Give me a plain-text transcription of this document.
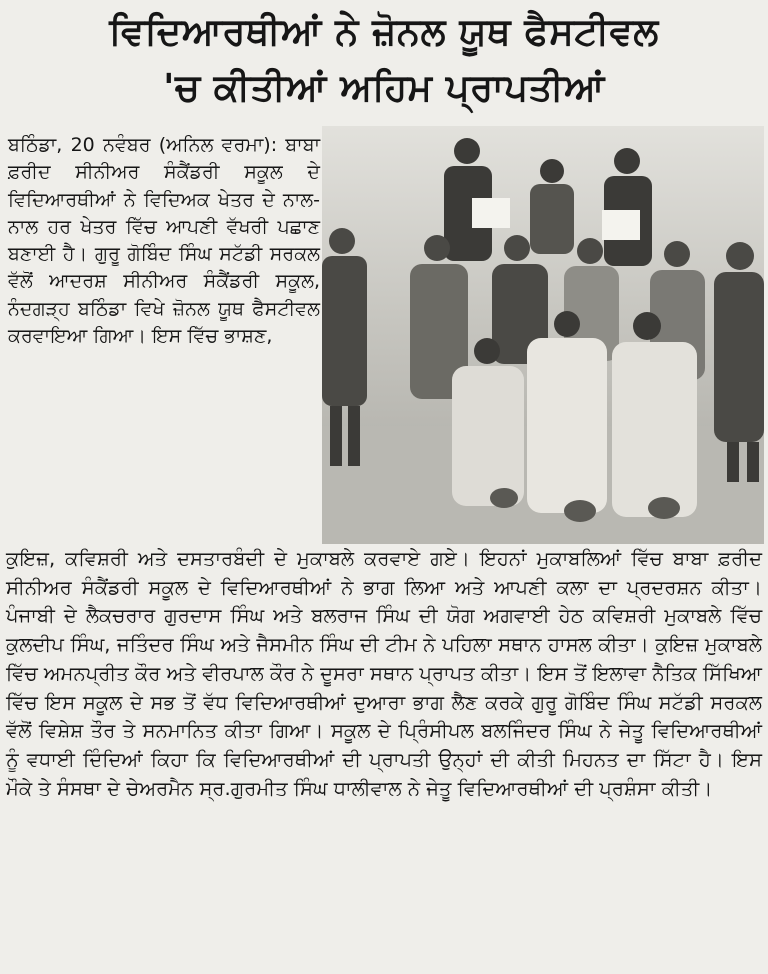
ਵਿਦਿਆਰਥੀਆਂ ਨੇ ਜ਼ੋਨਲ ਯੂਥ ਫੈਸਟੀਵਲ
'ਚ ਕੀਤੀਆਂ ਅਹਿਮ ਪ੍ਰਾਪਤੀਆਂ

ਬਠਿੰਡਾ, 20 ਨਵੰਬਰ (ਅਨਿਲ ਵਰਮਾ): ਬਾਬਾ ਫ਼ਰੀਦ ਸੀਨੀਅਰ ਸੰਕੈਂਡਰੀ ਸਕੂਲ ਦੇ ਵਿਦਿਆਰਥੀਆਂ ਨੇ ਵਿਦਿਅਕ ਖੇਤਰ ਦੇ ਨਾਲ-ਨਾਲ ਹਰ ਖੇਤਰ ਵਿੱਚ ਆਪਣੀ ਵੱਖਰੀ ਪਛਾਣ ਬਣਾਈ ਹੈ। ਗੁਰੂ ਗੋਬਿੰਦ ਸਿੰਘ ਸਟੱਡੀ ਸਰਕਲ ਵੱਲੋਂ ਆਦਰਸ਼ ਸੀਨੀਅਰ ਸੰਕੈਂਡਰੀ ਸਕੂਲ, ਨੰਦਗੜ੍ਹ ਬਠਿੰਡਾ ਵਿਖੇ ਜ਼ੋਨਲ ਯੂਥ ਫੈਸਟੀਵਲ ਕਰਵਾਇਆ ਗਿਆ। ਇਸ ਵਿੱਚ ਭਾਸ਼ਣ,

ਕੁਇਜ਼, ਕਵਿਸ਼ਰੀ ਅਤੇ ਦਸਤਾਰਬੰਦੀ ਦੇ ਮੁਕਾਬਲੇ ਕਰਵਾਏ ਗਏ। ਇਹਨਾਂ ਮੁਕਾਬਲਿਆਂ ਵਿੱਚ ਬਾਬਾ ਫ਼ਰੀਦ ਸੀਨੀਅਰ ਸੰਕੈਂਡਰੀ ਸਕੂਲ ਦੇ ਵਿਦਿਆਰਥੀਆਂ ਨੇ ਭਾਗ ਲਿਆ ਅਤੇ ਆਪਣੀ ਕਲਾ ਦਾ ਪ੍ਰਦਰਸ਼ਨ ਕੀਤਾ। ਪੰਜਾਬੀ ਦੇ ਲੈਕਚਰਾਰ ਗੁਰਦਾਸ ਸਿੰਘ ਅਤੇ ਬਲਰਾਜ ਸਿੰਘ ਦੀ ਯੋਗ ਅਗਵਾਈ ਹੇਠ ਕਵਿਸ਼ਰੀ ਮੁਕਾਬਲੇ ਵਿੱਚ ਕੁਲਦੀਪ ਸਿੰਘ, ਜਤਿੰਦਰ ਸਿੰਘ ਅਤੇ ਜੈਸਮੀਨ ਸਿੰਘ ਦੀ ਟੀਮ ਨੇ ਪਹਿਲਾ ਸਥਾਨ ਹਾਸਲ ਕੀਤਾ। ਕੁਇਜ਼ ਮੁਕਾਬਲੇ ਵਿੱਚ ਅਮਨਪ੍ਰੀਤ ਕੌਰ ਅਤੇ ਵੀਰਪਾਲ ਕੌਰ ਨੇ ਦੂਸਰਾ ਸਥਾਨ ਪ੍ਰਾਪਤ ਕੀਤਾ। ਇਸ ਤੋਂ ਇਲਾਵਾ ਨੈਤਿਕ ਸਿੱਖਿਆ ਵਿੱਚ ਇਸ ਸਕੂਲ ਦੇ ਸਭ ਤੋਂ ਵੱਧ ਵਿਦਿਆਰਥੀਆਂ ਦੁਆਰਾ ਭਾਗ ਲੈਣ ਕਰਕੇ ਗੁਰੂ ਗੋਬਿੰਦ ਸਿੰਘ ਸਟੱਡੀ ਸਰਕਲ ਵੱਲੋਂ ਵਿਸ਼ੇਸ਼ ਤੌਰ ਤੇ ਸਨਮਾਨਿਤ ਕੀਤਾ ਗਿਆ। ਸਕੂਲ ਦੇ ਪ੍ਰਿੰਸੀਪਲ ਬਲਜਿੰਦਰ ਸਿੰਘ ਨੇ ਜੇਤੂ ਵਿਦਿਆਰਥੀਆਂ ਨੂੰ ਵਧਾਈ ਦਿੰਦਿਆਂ ਕਿਹਾ ਕਿ ਵਿਦਿਆਰਥੀਆਂ ਦੀ ਪ੍ਰਾਪਤੀ ਉਨ੍ਹਾਂ ਦੀ ਕੀਤੀ ਮਿਹਨਤ ਦਾ ਸਿੱਟਾ ਹੈ। ਇਸ ਮੌਕੇ ਤੇ ਸੰਸਥਾ ਦੇ ਚੇਅਰਮੈਨ ਸ੍ਰ.ਗੁਰਮੀਤ ਸਿੰਘ ਧਾਲੀਵਾਲ ਨੇ ਜੇਤੂ ਵਿਦਿਆਰਥੀਆਂ ਦੀ ਪ੍ਰਸ਼ੰਸਾ ਕੀਤੀ।
